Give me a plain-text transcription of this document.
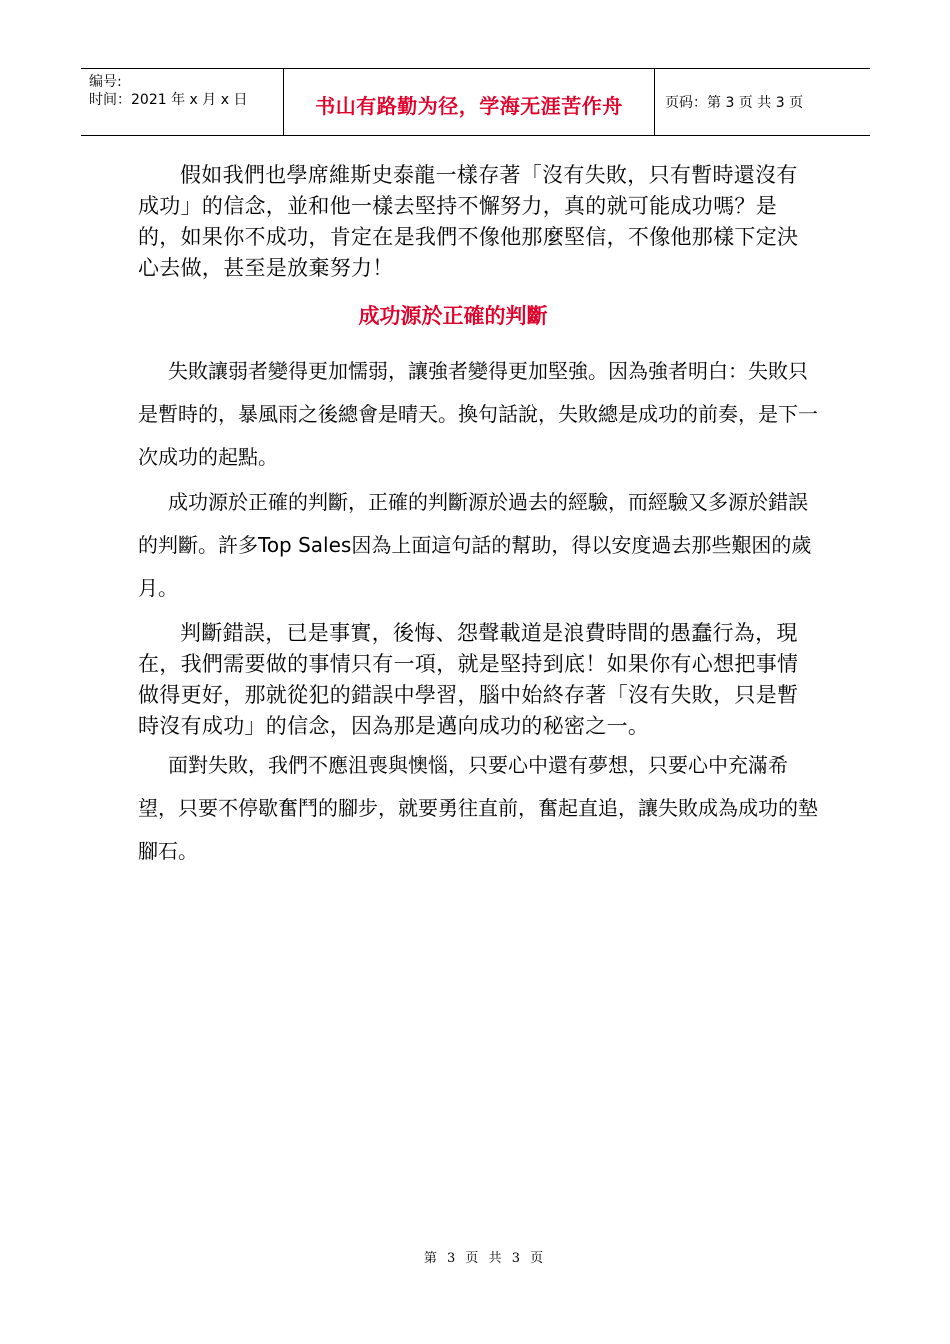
编号:
时间：2021 年 x 月 x 日	书山有路勤为径，学海无涯苦作舟	页码：第 3 页 共 3 页

假如我們也學席維斯史泰龍一樣存著「沒有失敗，只有暫時還沒有成功」的信念，並和他一樣去堅持不懈努力，真的就可能成功嗎？是的，如果你不成功，肯定在是我們不像他那麼堅信，不像他那樣下定決心去做，甚至是放棄努力！

成功源於正確的判斷

失敗讓弱者變得更加懦弱，讓強者變得更加堅強。因為強者明白：失敗只是暫時的，暴風雨之後總會是晴天。換句話說，失敗總是成功的前奏，是下一次成功的起點。

成功源於正確的判斷，正確的判斷源於過去的經驗，而經驗又多源於錯誤的判斷。許多Top Sales因為上面這句話的幫助，得以安度過去那些艱困的歲月。

判斷錯誤，已是事實，後悔、怨聲載道是浪費時間的愚蠢行為，現在，我們需要做的事情只有一項，就是堅持到底！如果你有心想把事情做得更好，那就從犯的錯誤中學習，腦中始終存著「沒有失敗，只是暫時沒有成功」的信念，因為那是邁向成功的秘密之一。

面對失敗，我們不應沮喪與懊惱，只要心中還有夢想，只要心中充滿希望，只要不停歇奮鬥的腳步，就要勇往直前，奮起直追，讓失敗成為成功的墊腳石。

第 3 页 共 3 页
